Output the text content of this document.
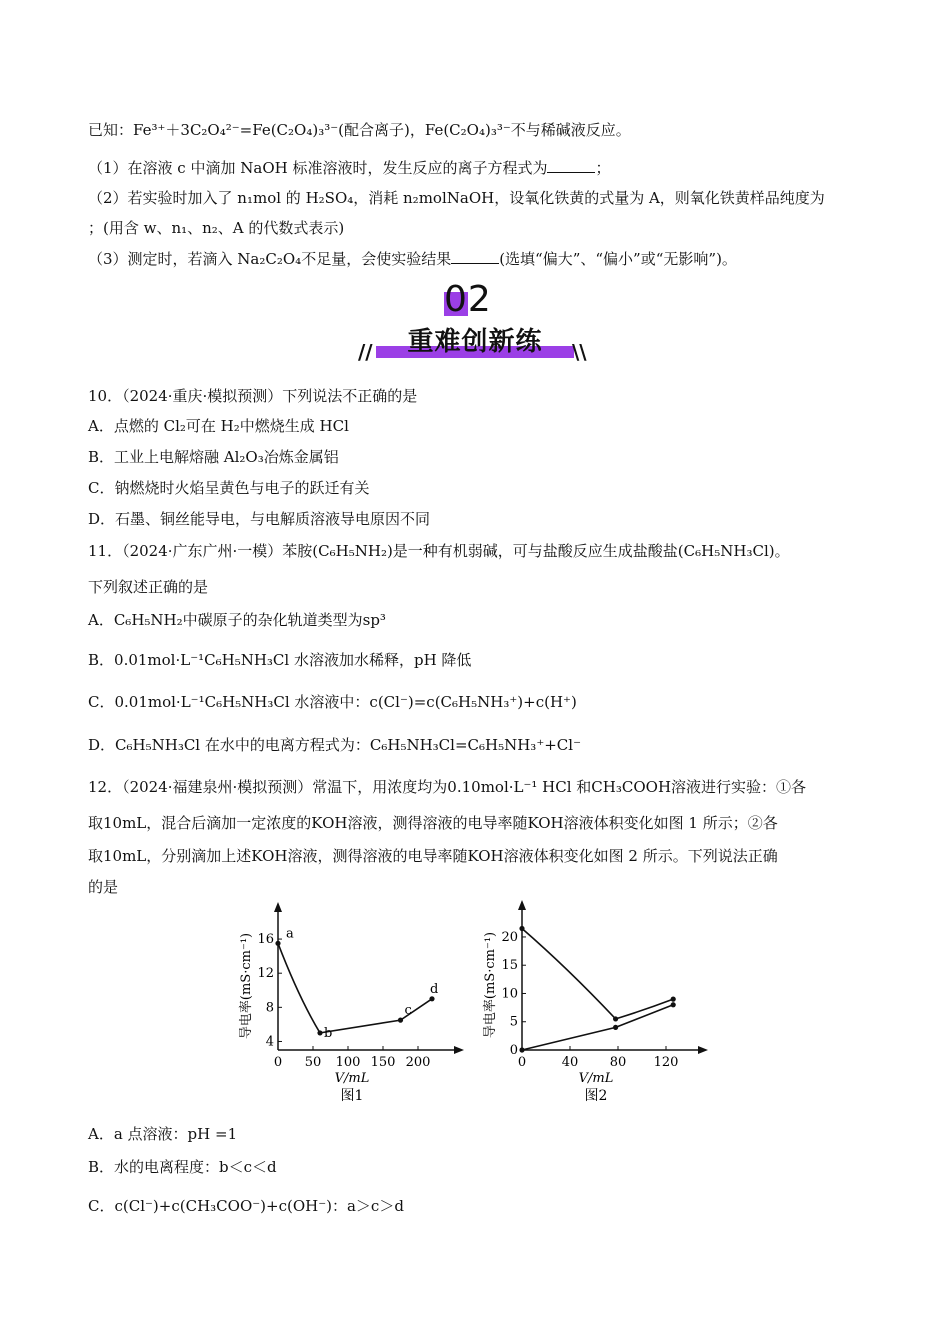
已知：Fe³⁺＋3C₂O₄²⁻=Fe(C₂O₄)₃³⁻(配合离子)，Fe(C₂O₄)₃³⁻不与稀碱液反应。
（1）在溶液 c 中滴加 NaOH 标准溶液时，发生反应的离子方程式为	；
（2）若实验时加入了 n₁mol 的 H₂SO₄，消耗 n₂molNaOH，设氧化铁黄的式量为 A，则氧化铁黄样品纯度为
；(用含 w、n₁、n₂、A 的代数式表示)
（3）测定时，若滴入 Na₂C₂O₄不足量，会使实验结果	(选填“偏大”、“偏小”或“无影响”)。
02
//	重难创新练	\\
10．（2024·重庆·模拟预测）下列说法不正确的是
A．点燃的 Cl₂可在 H₂中燃烧生成 HCl
B．工业上电解熔融 Al₂O₃冶炼金属铝
C．钠燃烧时火焰呈黄色与电子的跃迁有关
D．石墨、铜丝能导电，与电解质溶液导电原因不同
11．（2024·广东广州·一模）苯胺(C₆H₅NH₂)是一种有机弱碱，可与盐酸反应生成盐酸盐(C₆H₅NH₃Cl)。
下列叙述正确的是
A．C₆H₅NH₂中碳原子的杂化轨道类型为sp³
B．0.01mol·L⁻¹C₆H₅NH₃Cl 水溶液加水稀释，pH 降低
C．0.01mol·L⁻¹C₆H₅NH₃Cl 水溶液中：c(Cl⁻)=c(C₆H₅NH₃⁺)+c(H⁺)
D．C₆H₅NH₃Cl 在水中的电离方程式为：C₆H₅NH₃Cl=C₆H₅NH₃⁺+Cl⁻
12．（2024·福建泉州·模拟预测）常温下，用浓度均为0.10mol·L⁻¹ HCl 和CH₃COOH溶液进行实验：①各
取10mL，混合后滴加一定浓度的KOH溶液，测得溶液的电导率随KOH溶液体积变化如图 1 所示；②各
取10mL，分别滴加上述KOH溶液，测得溶液的电导率随KOH溶液体积变化如图 2 所示。下列说法正确
的是
0 50 100 150 200
4
8
12
16
V/mL
导电率(mS·cm⁻¹)
图1
a
b
c
d
0	40 80 120
0
5
10
15
20
V/mL
导电率(mS·cm⁻¹)
图2
A．a 点溶液：pH =1
B．水的电离程度：b＜c＜d
C．c(Cl⁻)+c(CH₃COO⁻)+c(OH⁻)：a＞c＞d
